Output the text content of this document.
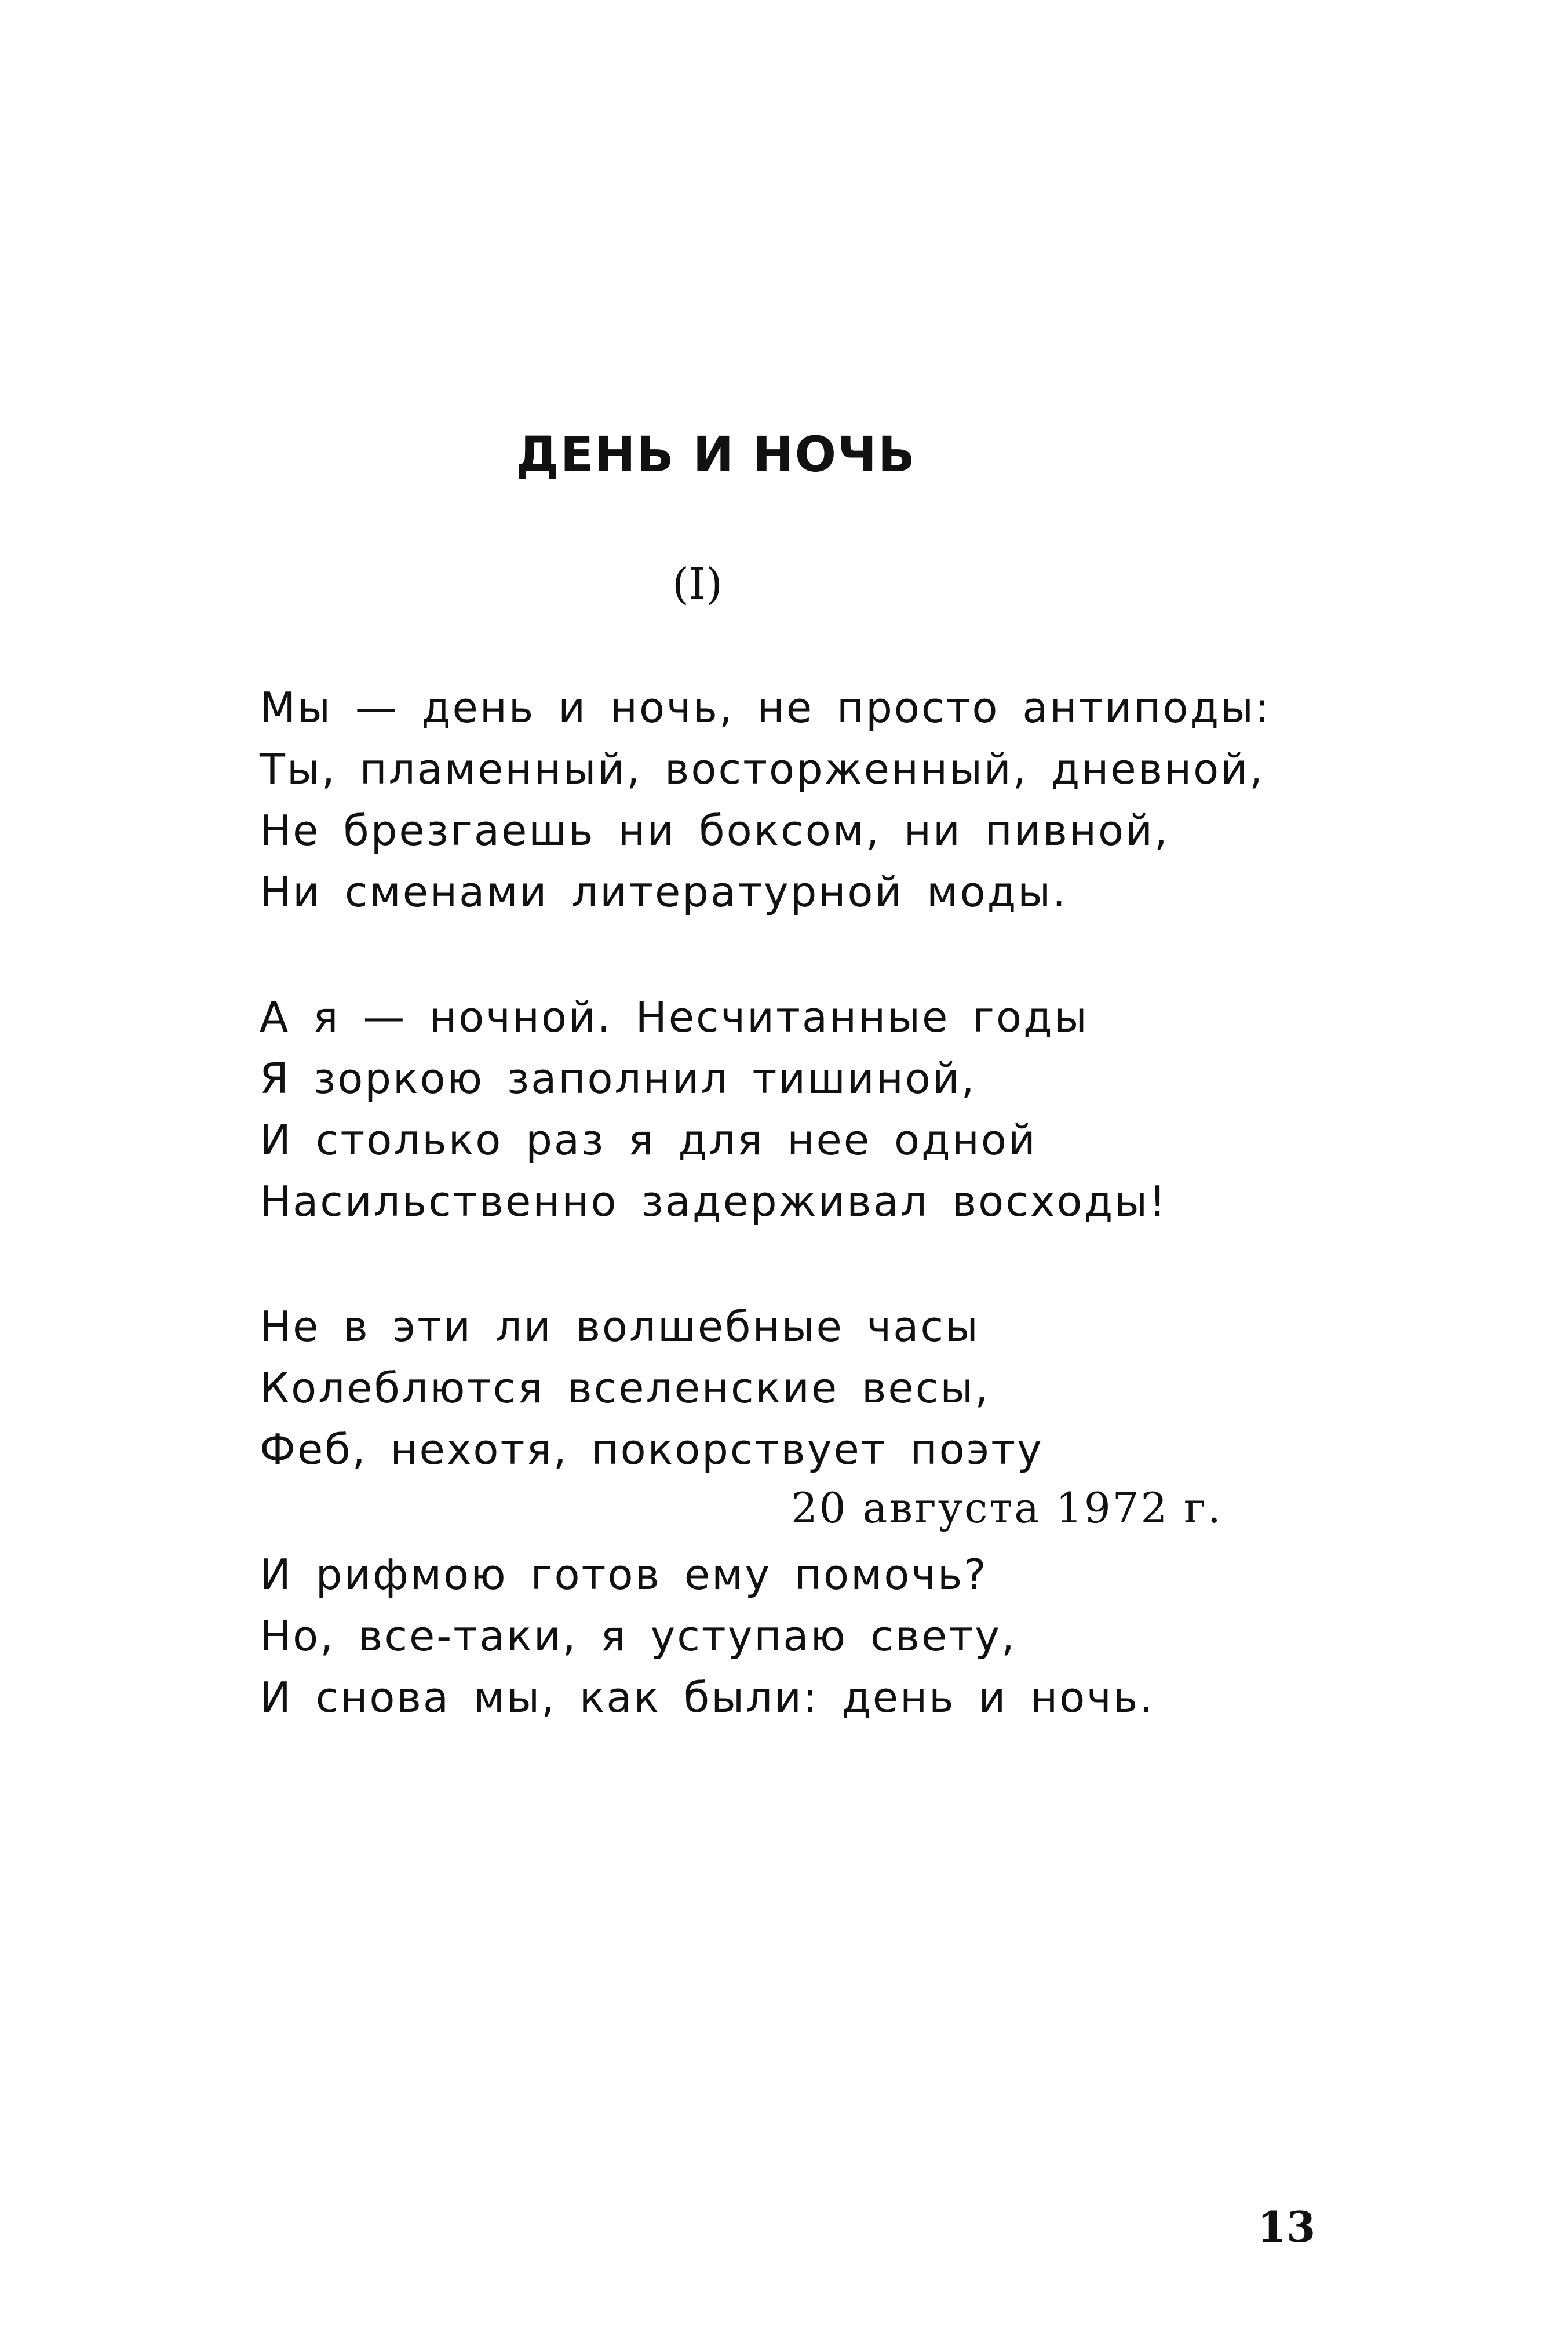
ДЕНЬ И НОЧЬ
(I)
Мы — день и ночь, не просто антиподы:
Ты, пламенный, восторженный, дневной,
Не брезгаешь ни боксом, ни пивной,
Ни сменами литературной моды.
А я — ночной. Несчитанные годы
Я зоркою заполнил тишиной,
И столько раз я для нее одной
Насильственно задерживал восходы!
Не в эти ли волшебные часы
Колеблются вселенские весы,
Феб, нехотя, покорствует поэту
И рифмою готов ему помочь?
Но, все-таки, я уступаю свету,
И снова мы, как были: день и ночь.
20 августа 1972 г.
13
